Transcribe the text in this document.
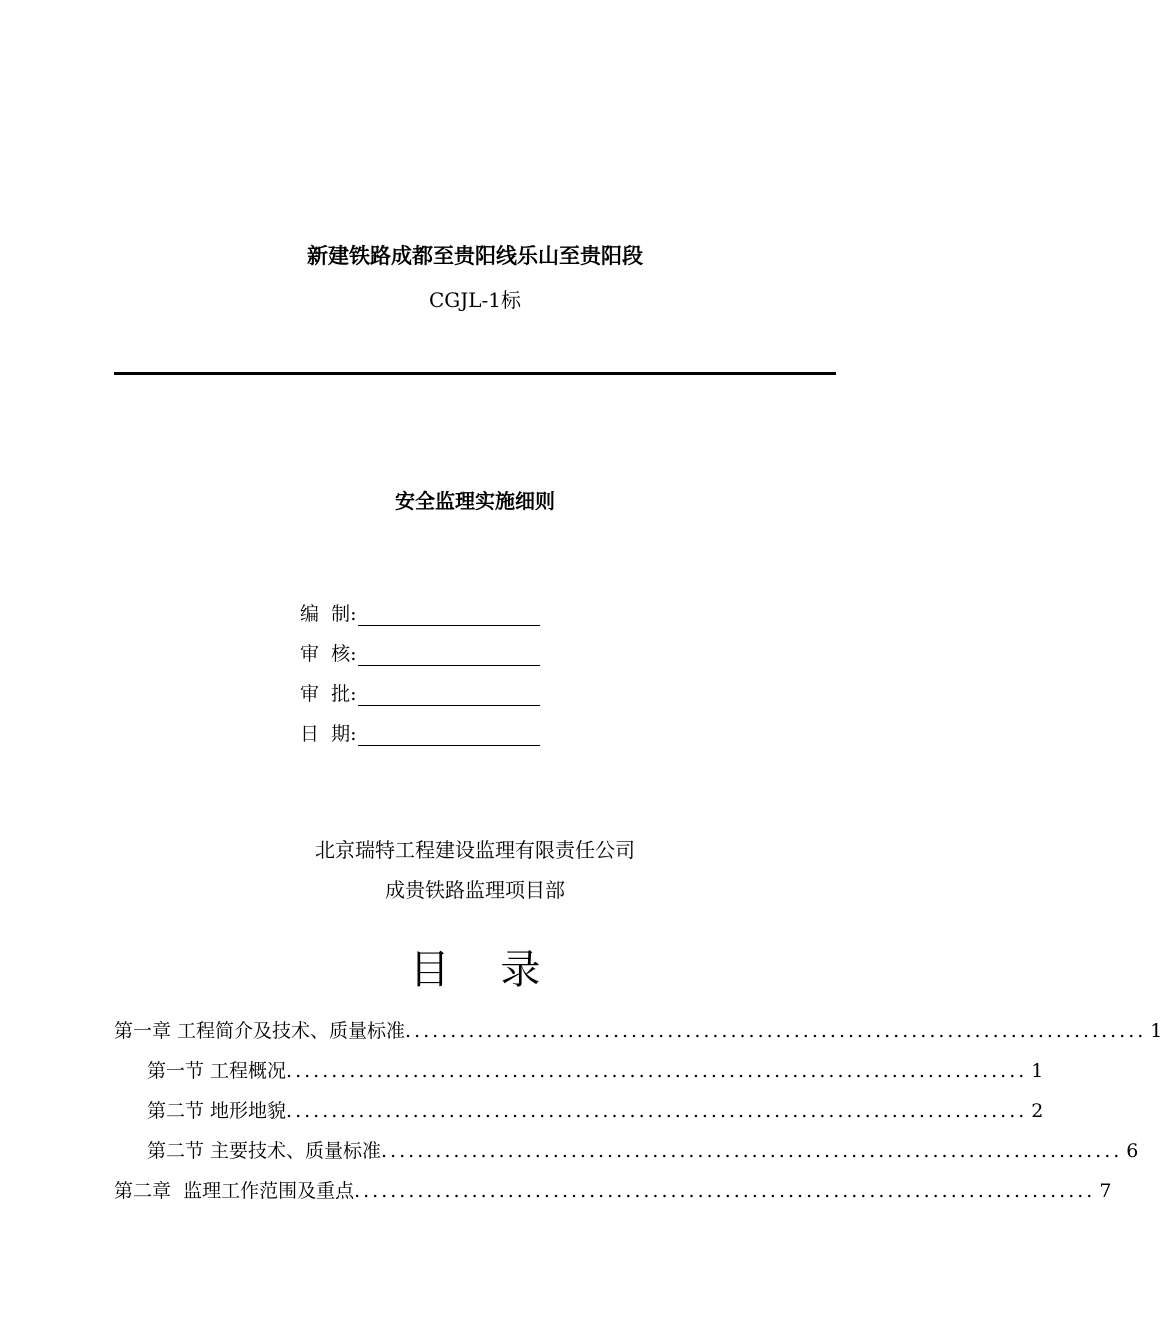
新建铁路成都至贵阳线乐山至贵阳段
CGJL-1标
安全监理实施细则
编  制:
审  核:
审  批:
日  期:
北京瑞特工程建设监理有限责任公司
成贵铁路监理项目部
目    录
第一章 工程简介及技术、质量标准 .................................................................................. 1
第一节 工程概况 .................................................................................. 1
第二节 地形地貌 .................................................................................. 2
第二节 主要技术、质量标准 .................................................................................. 6
第二章  监理工作范围及重点 .................................................................................. 7
